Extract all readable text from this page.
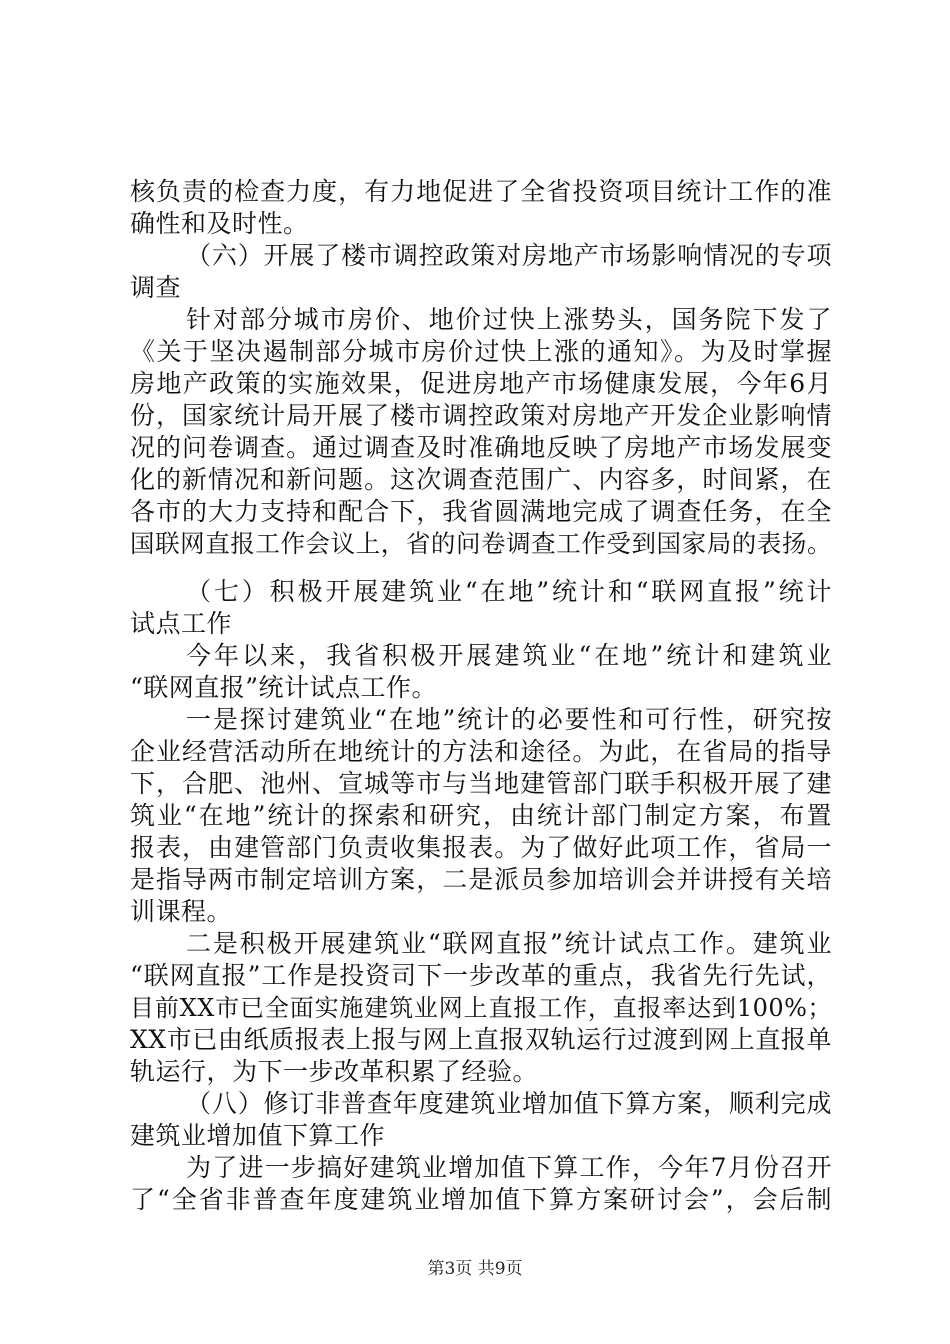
核负责的检查力度，有力地促进了全省投资项目统计工作的准
确性和及时性。
（六）开展了楼市调控政策对房地产市场影响情况的专项
调查
针对部分城市房价、地价过快上涨势头，国务院下发了
《关于坚决遏制部分城市房价过快上涨的通知》。为及时掌握
房地产政策的实施效果，促进房地产市场健康发展，今年6月
份，国家统计局开展了楼市调控政策对房地产开发企业影响情
况的问卷调查。通过调查及时准确地反映了房地产市场发展变
化的新情况和新问题。这次调查范围广、内容多，时间紧，在
各市的大力支持和配合下，我省圆满地完成了调查任务，在全
国联网直报工作会议上，省的问卷调查工作受到国家局的表扬。
（七）积极开展建筑业“在地”统计和“联网直报”统计
试点工作
今年以来，我省积极开展建筑业“在地”统计和建筑业
“联网直报”统计试点工作。
一是探讨建筑业“在地”统计的必要性和可行性，研究按
企业经营活动所在地统计的方法和途径。为此，在省局的指导
下，合肥、池州、宣城等市与当地建管部门联手积极开展了建
筑业“在地”统计的探索和研究，由统计部门制定方案，布置
报表，由建管部门负责收集报表。为了做好此项工作，省局一
是指导两市制定培训方案，二是派员参加培训会并讲授有关培
训课程。
二是积极开展建筑业“联网直报”统计试点工作。建筑业
“联网直报”工作是投资司下一步改革的重点，我省先行先试，
目前XX市已全面实施建筑业网上直报工作，直报率达到100%；
XX市已由纸质报表上报与网上直报双轨运行过渡到网上直报单
轨运行，为下一步改革积累了经验。
（八）修订非普查年度建筑业增加值下算方案，顺利完成
建筑业增加值下算工作
为了进一步搞好建筑业增加值下算工作，今年7月份召开
了“全省非普查年度建筑业增加值下算方案研讨会”，会后制
第3页 共9页
